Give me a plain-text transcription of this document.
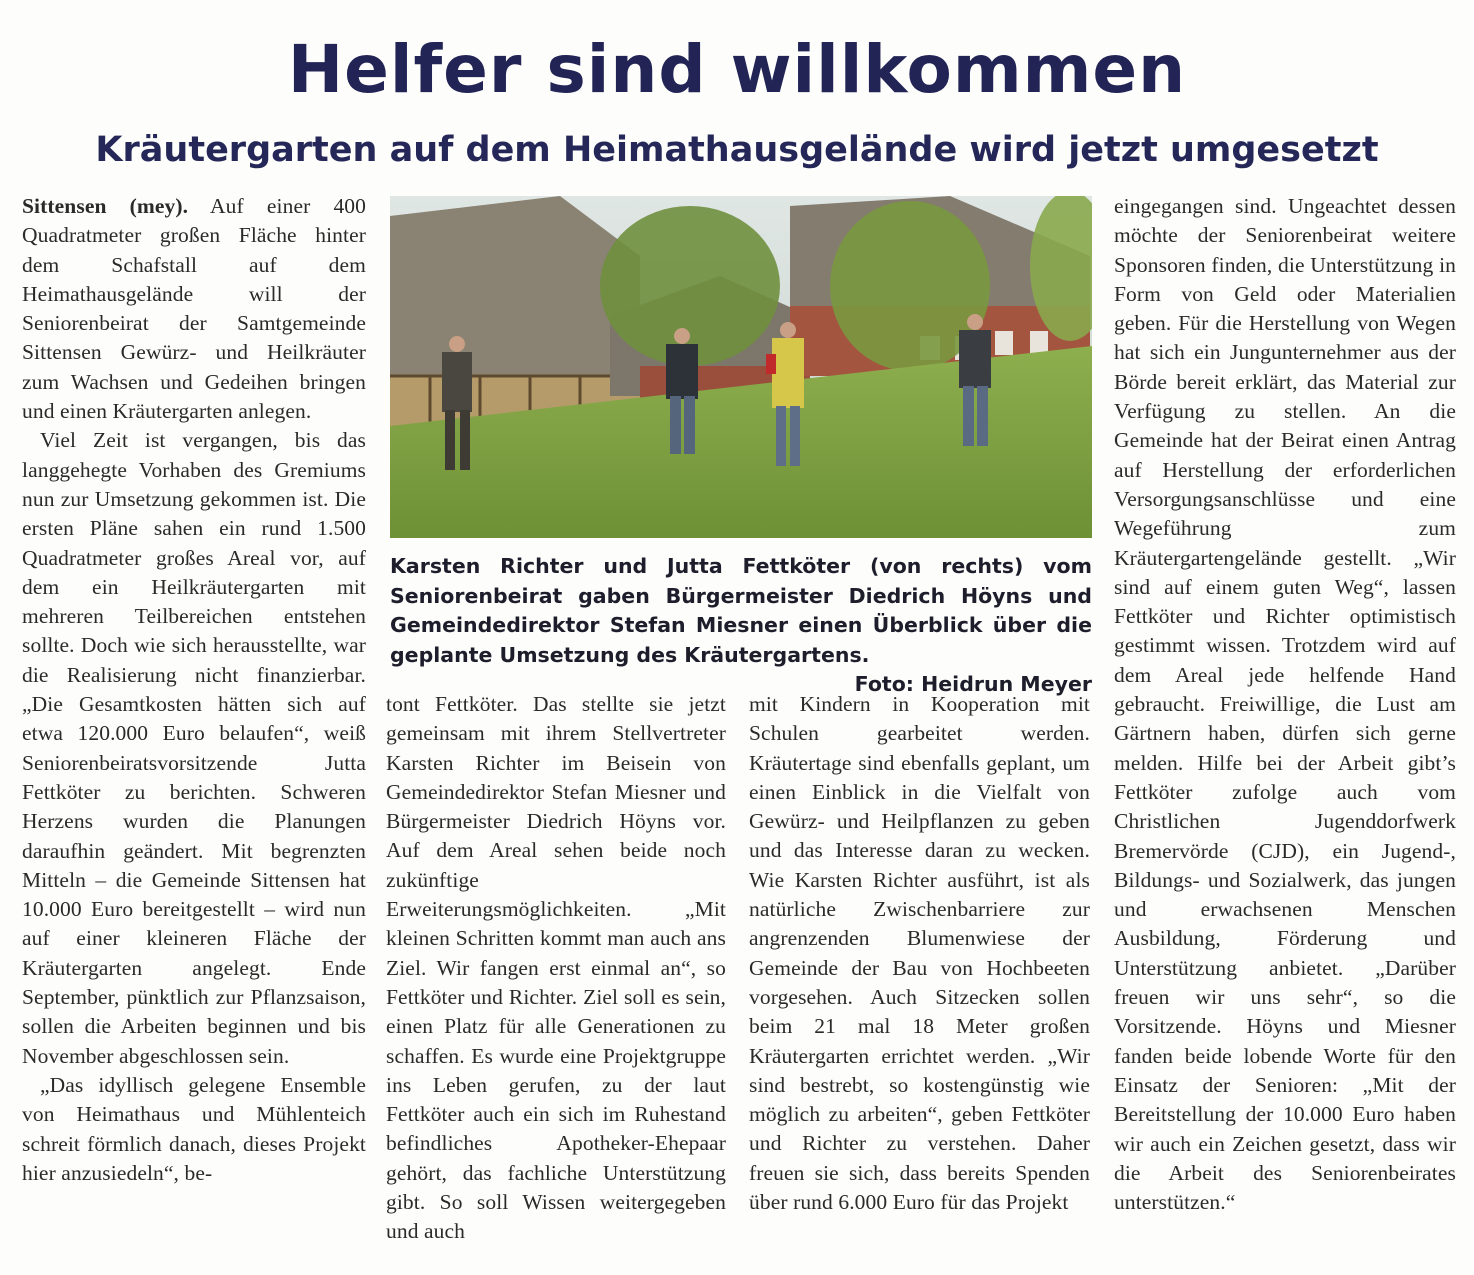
Helfer sind willkommen
Kräutergarten auf dem Heimathausgelände wird jetzt umgesetzt

Sittensen (mey). Auf einer 400 Quadratmeter großen Fläche hinter dem Schafstall auf dem Heimathausgelände will der Seniorenbeirat der Samtgemeinde Sittensen Gewürz- und Heilkräuter zum Wachsen und Gedeihen bringen und einen Kräutergarten anlegen.

Viel Zeit ist vergangen, bis das langgehegte Vorhaben des Gremiums nun zur Umsetzung gekommen ist. Die ersten Pläne sahen ein rund 1.500 Quadratmeter großes Areal vor, auf dem ein Heilkräutergarten mit mehreren Teilbereichen entstehen sollte. Doch wie sich herausstellte, war die Realisierung nicht finanzierbar. „Die Gesamtkosten hätten sich auf etwa 120.000 Euro belaufen“, weiß Seniorenbeiratsvorsitzende Jutta Fettköter zu berichten. Schweren Herzens wurden die Planungen daraufhin geändert. Mit begrenzten Mitteln – die Gemeinde Sittensen hat 10.000 Euro bereitgestellt – wird nun auf einer kleineren Fläche der Kräutergarten angelegt. Ende September, pünktlich zur Pflanzsaison, sollen die Arbeiten beginnen und bis November abgeschlossen sein.

„Das idyllisch gelegene Ensemble von Heimathaus und Mühlenteich schreit förmlich danach, dieses Projekt hier anzusiedeln“, be-

Karsten Richter und Jutta Fettköter (von rechts) vom Seniorenbeirat gaben Bürgermeister Diedrich Höyns und Gemeindedirektor Stefan Miesner einen Überblick über die geplante Umsetzung des Kräutergartens.
Foto: Heidrun Meyer

tont Fettköter. Das stellte sie jetzt gemeinsam mit ihrem Stellvertreter Karsten Richter im Beisein von Gemeindedirektor Stefan Miesner und Bürgermeister Diedrich Höyns vor. Auf dem Areal sehen beide noch zukünftige Erweiterungsmöglichkeiten. „Mit kleinen Schritten kommt man auch ans Ziel. Wir fangen erst einmal an“, so Fettköter und Richter. Ziel soll es sein, einen Platz für alle Generationen zu schaffen. Es wurde eine Projektgruppe ins Leben gerufen, zu der laut Fettköter auch ein sich im Ruhestand befindliches Apotheker-Ehepaar gehört, das fachliche Unterstützung gibt. So soll Wissen weitergegeben und auch

mit Kindern in Kooperation mit Schulen gearbeitet werden. Kräutertage sind ebenfalls geplant, um einen Einblick in die Vielfalt von Gewürz- und Heilpflanzen zu geben und das Interesse daran zu wecken. Wie Karsten Richter ausführt, ist als natürliche Zwischenbarriere zur angrenzenden Blumenwiese der Gemeinde der Bau von Hochbeeten vorgesehen. Auch Sitzecken sollen beim 21 mal 18 Meter großen Kräutergarten errichtet werden. „Wir sind bestrebt, so kostengünstig wie möglich zu arbeiten“, geben Fettköter und Richter zu verstehen. Daher freuen sie sich, dass bereits Spenden über rund 6.000 Euro für das Projekt

eingegangen sind. Ungeachtet dessen möchte der Seniorenbeirat weitere Sponsoren finden, die Unterstützung in Form von Geld oder Materialien geben. Für die Herstellung von Wegen hat sich ein Jungunternehmer aus der Börde bereit erklärt, das Material zur Verfügung zu stellen. An die Gemeinde hat der Beirat einen Antrag auf Herstellung der erforderlichen Versorgungsanschlüsse und eine Wegeführung zum Kräutergartengelände gestellt. „Wir sind auf einem guten Weg“, lassen Fettköter und Richter optimistisch gestimmt wissen. Trotzdem wird auf dem Areal jede helfende Hand gebraucht. Freiwillige, die Lust am Gärtnern haben, dürfen sich gerne melden. Hilfe bei der Arbeit gibt’s Fettköter zufolge auch vom Christlichen Jugenddorfwerk Bremervörde (CJD), ein Jugend-, Bildungs- und Sozialwerk, das jungen und erwachsenen Menschen Ausbildung, Förderung und Unterstützung anbietet. „Darüber freuen wir uns sehr“, so die Vorsitzende. Höyns und Miesner fanden beide lobende Worte für den Einsatz der Senioren: „Mit der Bereitstellung der 10.000 Euro haben wir auch ein Zeichen gesetzt, dass wir die Arbeit des Seniorenbeirates unterstützen.“
